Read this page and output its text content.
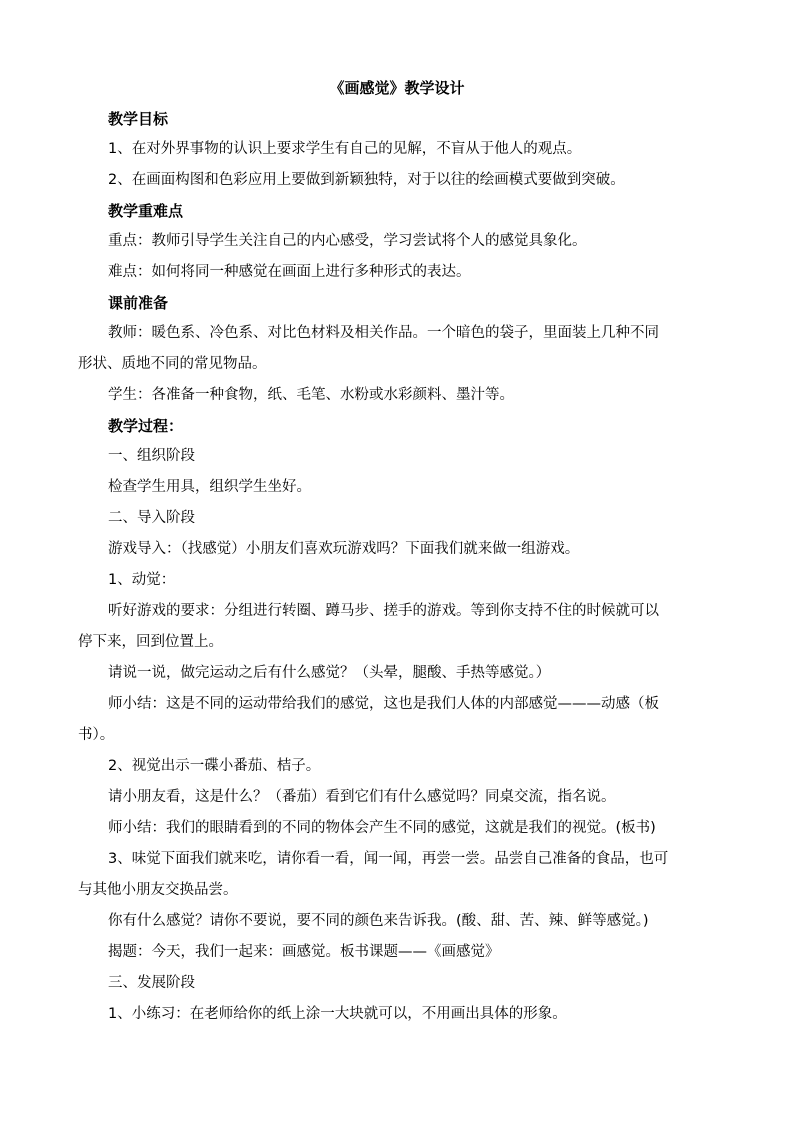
《画感觉》教学设计
教学目标
1、在对外界事物的认识上要求学生有自己的见解，不盲从于他人的观点。
2、在画面构图和色彩应用上要做到新颖独特，对于以往的绘画模式要做到突破。
教学重难点
重点：教师引导学生关注自己的内心感受，学习尝试将个人的感觉具象化。
难点：如何将同一种感觉在画面上进行多种形式的表达。
课前准备
教师：暖色系、冷色系、对比色材料及相关作品。一个暗色的袋子，里面装上几种不同
形状、质地不同的常见物品。
学生：各准备一种食物，纸、毛笔、水粉或水彩颜料、墨汁等。
教学过程：
一、组织阶段
检查学生用具，组织学生坐好。
二、导入阶段
游戏导入：（找感觉）小朋友们喜欢玩游戏吗？下面我们就来做一组游戏。
1、动觉：
听好游戏的要求：分组进行转圈、蹲马步、搓手的游戏。等到你支持不住的时候就可以
停下来，回到位置上。
请说一说，做完运动之后有什么感觉？（头晕，腿酸、手热等感觉。）
师小结：这是不同的运动带给我们的感觉，这也是我们人体的内部感觉———动感（板
书）。
2、视觉出示一碟小番茄、桔子。
请小朋友看，这是什么？（番茄）看到它们有什么感觉吗？同桌交流，指名说。
师小结：我们的眼睛看到的不同的物体会产生不同的感觉，这就是我们的视觉。(板书)
3、味觉下面我们就来吃，请你看一看，闻一闻，再尝一尝。品尝自己准备的食品，也可
与其他小朋友交换品尝。
你有什么感觉？请你不要说，要不同的颜色来告诉我。(酸、甜、苦、辣、鲜等感觉。)
揭题：今天，我们一起来：画感觉。板书课题——《画感觉》
三、发展阶段
1、小练习：在老师给你的纸上涂一大块就可以，不用画出具体的形象。
